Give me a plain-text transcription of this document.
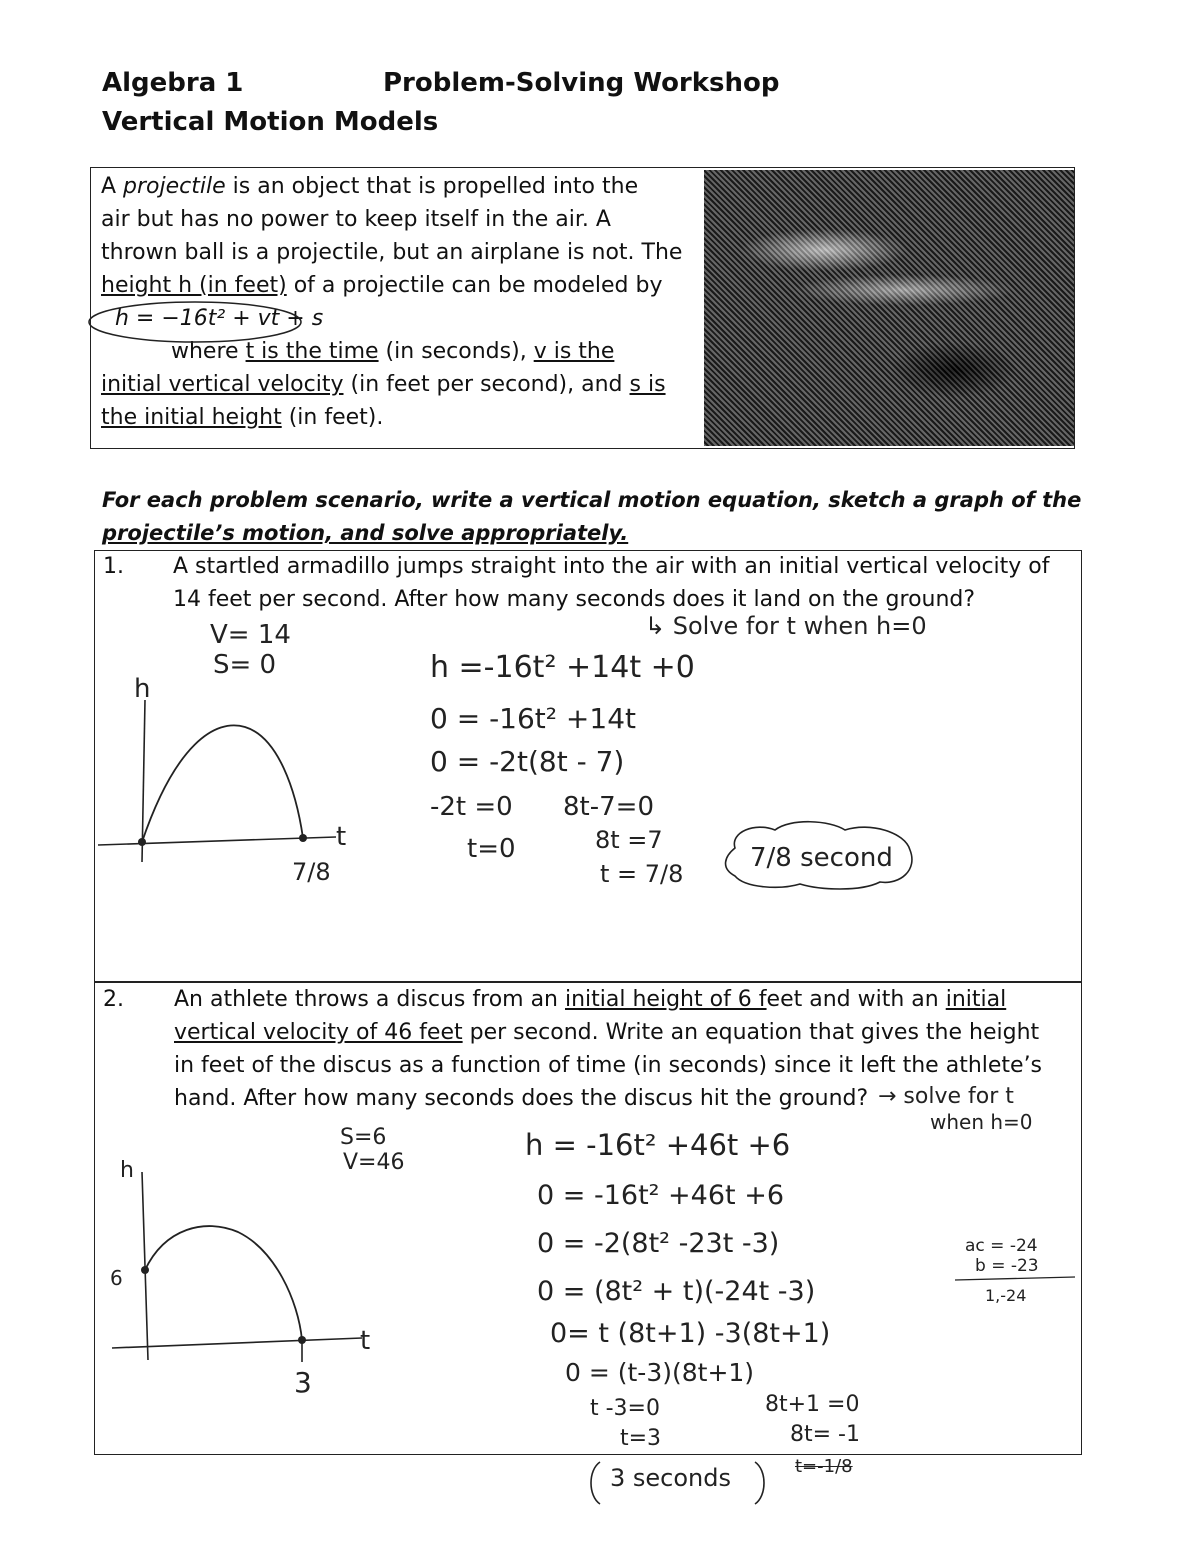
Algebra 1	Problem-Solving Workshop
Vertical Motion Models
A projectile is an object that is propelled into the
air but has no power to keep itself in the air. A
thrown ball is a projectile, but an airplane is not. The
height h (in feet) of a projectile can be modeled by
h = −16t² + vt + s
where t is the time (in seconds), v is the
initial vertical velocity (in feet per second), and s is
the initial height (in feet).
For each problem scenario, write a vertical motion equation, sketch a graph of the
projectile’s motion, and solve appropriately.
1. A startled armadillo jumps straight into the air with an initial vertical velocity of
14 feet per second. After how many seconds does it land on the ground?
↳ Solve for t when h=0
V= 14
S= 0	h =-16t² +14t +0
0 = -16t² +14t
0 = -2t(8t - 7)
-2t =0 8t-7=0
t=0	8t =7
t = 7/8
7/8 second
h
t
7/8
2. An athlete throws a discus from an initial height of 6 feet and with an initial
vertical velocity of 46 feet per second. Write an equation that gives the height
in feet of the discus as a function of time (in seconds) since it left the athlete’s
hand. After how many seconds does the discus hit the ground? → solve for t
when h=0
S=6
V=46
h = -16t² +46t +6
0 = -16t² +46t +6
0 = -2(8t² -23t -3)
0 = (8t² + t)(-24t -3)
0= t (8t+1) -3(8t+1)
0 = (t-3)(8t+1)
t -3=0	8t+1 =0
t=3	8t= -1
ac = -24
b = -23
1,-24
3 seconds	t=-1/8
h
t
6
3
